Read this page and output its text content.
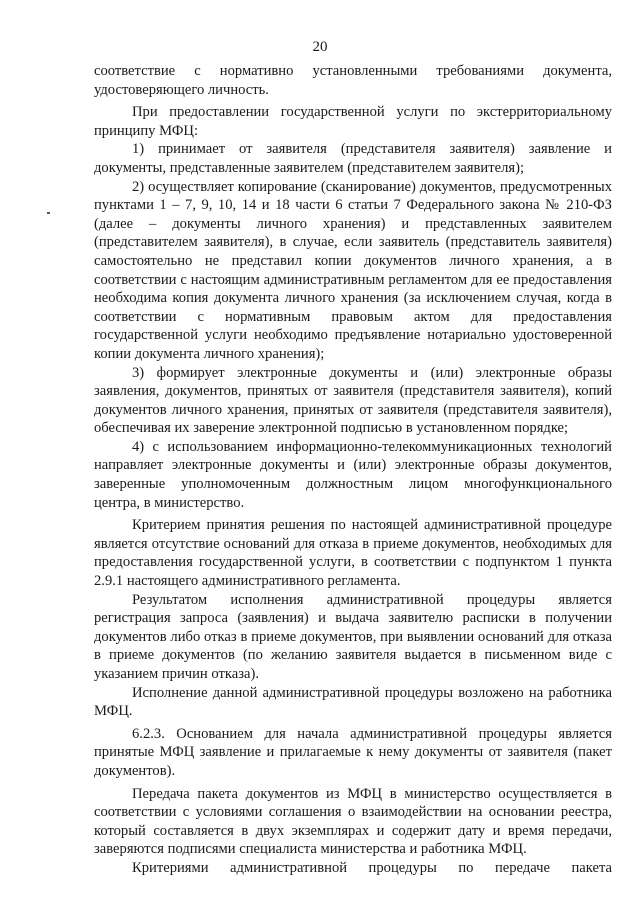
20

соответствие с нормативно установленными требованиями документа, удостоверяющего личность.

При предоставлении государственной услуги по экстерриториальному принципу МФЦ:

1) принимает от заявителя (представителя заявителя) заявление и документы, представленные заявителем (представителем заявителя);

2) осуществляет копирование (сканирование) документов, предусмотренных пунктами 1 – 7, 9, 10, 14 и 18 части 6 статьи 7 Федерального закона № 210-ФЗ (далее – документы личного хранения) и представленных заявителем (представителем заявителя), в случае, если заявитель (представитель заявителя) самостоятельно не представил копии документов личного хранения, а в соответствии с настоящим административным регламентом для ее предоставления необходима копия документа личного хранения (за исключением случая, когда в соответствии с нормативным правовым актом для предоставления государственной услуги необходимо предъявление нотариально удостоверенной копии документа личного хранения);

3) формирует электронные документы и (или) электронные образы заявления, документов, принятых от заявителя (представителя заявителя), копий документов личного хранения, принятых от заявителя (представителя заявителя), обеспечивая их заверение электронной подписью в установленном порядке;

4) с использованием информационно-телекоммуникационных технологий направляет электронные документы и (или) электронные образы документов, заверенные уполномоченным должностным лицом многофункционального центра, в министерство.

Критерием принятия решения по настоящей административной процедуре является отсутствие оснований для отказа в приеме документов, необходимых для предоставления государственной услуги, в соответствии с подпунктом 1 пункта 2.9.1 настоящего административного регламента.

Результатом исполнения административной процедуры является регистрация запроса (заявления) и выдача заявителю расписки в получении документов либо отказ в приеме документов, при выявлении оснований для отказа в приеме документов (по желанию заявителя выдается в письменном виде с указанием причин отказа).

Исполнение данной административной процедуры возложено на работника МФЦ.

6.2.3. Основанием для начала административной процедуры является принятые МФЦ заявление и прилагаемые к нему документы от заявителя (пакет документов).

Передача пакета документов из МФЦ в министерство осуществляется в соответствии с условиями соглашения о взаимодействии на основании реестра, который составляется в двух экземплярах и содержит дату и время передачи, заверяются подписями специалиста министерства и работника МФЦ.

Критериями административной процедуры по передаче пакета
